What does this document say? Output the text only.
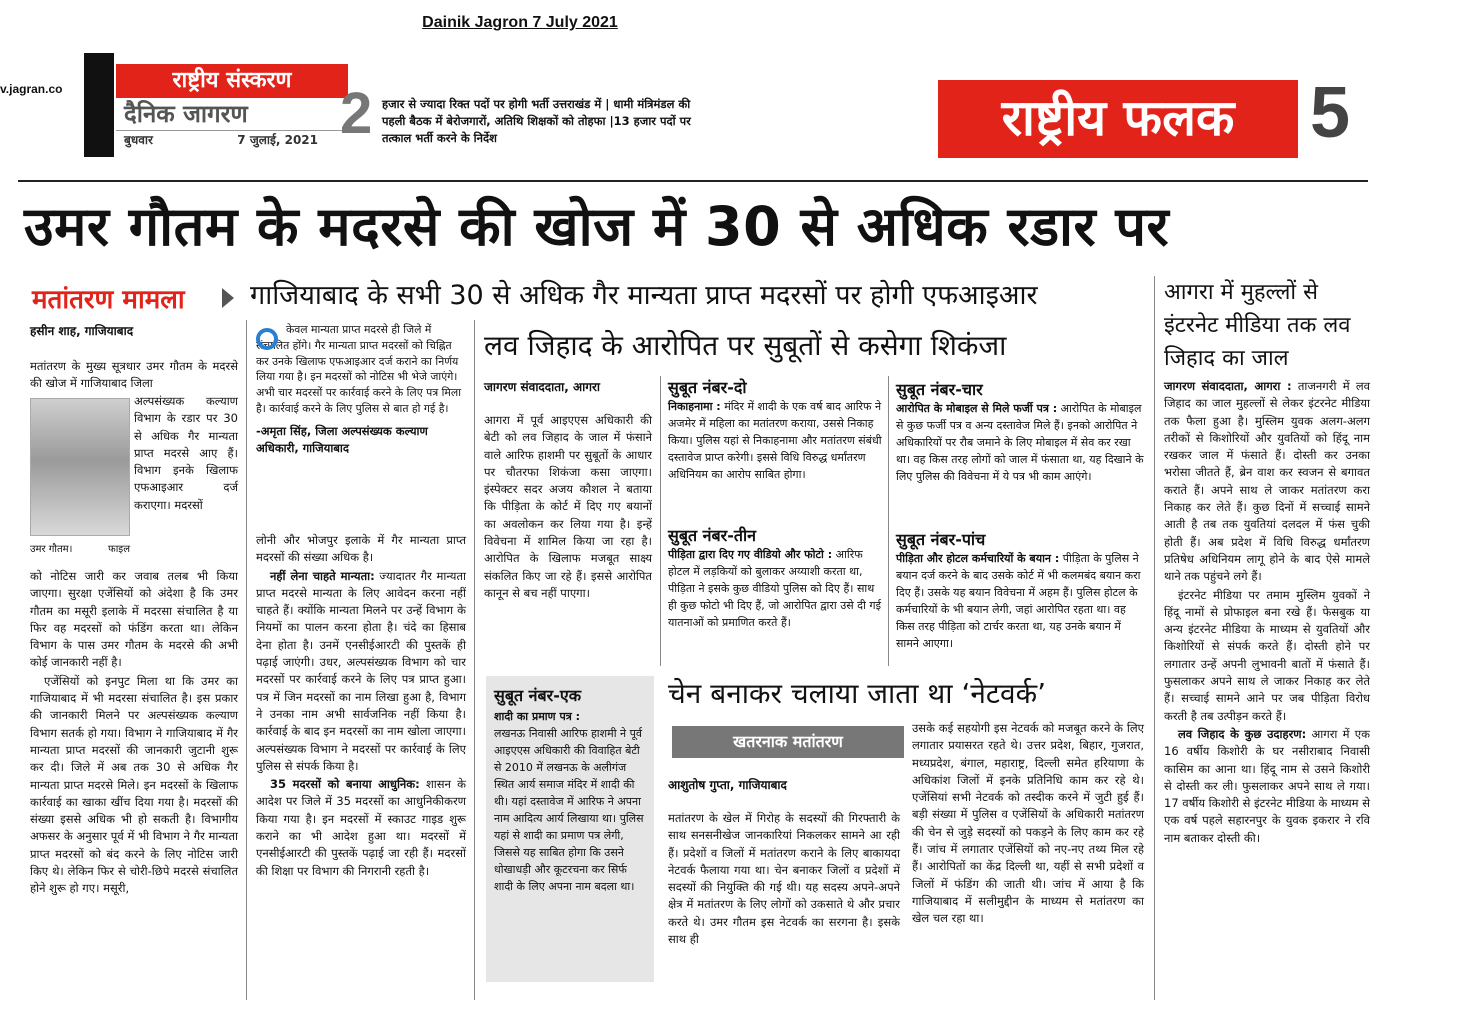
Dainik Jagron 7 July 2021
v.jagran.co	राष्ट्रीय संस्करण
दैनिक जागरण
बुधवार	7 जुलाई, 2021 2 हजार से ज्यादा रिक्त पदों पर होगी भर्ती उत्तराखंड में | धामी मंत्रिमंडल की पहली बैठक में बेरोजगारों, अतिथि शिक्षकों को तोहफा |13 हजार पदों पर तत्काल भर्ती करने के निर्देश	राष्ट्रीय फलक	5
उमर गौतम के मदरसे की खोज में 30 से अधिक रडार पर
मतांतरण मामला गाजियाबाद के सभी 30 से अधिक गैर मान्यता प्राप्त मदरसों पर होगी एफआइआर
हसीन शाह, गाजियाबाद
मतांतरण के मुख्य सूत्रधार उमर गौतम के मदरसे की खोज में गाजियाबाद जिला
अल्पसंख्यक कल्याण विभाग के रडार पर 30 से अधिक गैर मान्यता प्राप्त मदरसे आए हैं। विभाग इनके खिलाफ एफआइआर दर्ज कराएगा। मदरसों
उमर गौतम।	फाइल

को नोटिस जारी कर जवाब तलब भी किया जाएगा। सुरक्षा एजेंसियों को अंदेशा है कि उमर गौतम का मसूरी इलाके में मदरसा संचालित है या फिर वह मदरसों को फंडिंग करता था। लेकिन विभाग के पास उमर गौतम के मदरसे की अभी कोई जानकारी नहीं है।

एजेंसियों को इनपुट मिला था कि उमर का गाजियाबाद में भी मदरसा संचालित है। इस प्रकार की जानकारी मिलने पर अल्पसंख्यक कल्याण विभाग सतर्क हो गया। विभाग ने गाजियाबाद में गैर मान्यता प्राप्त मदरसों की जानकारी जुटानी शुरू कर दी। जिले में अब तक 30 से अधिक गैर मान्यता प्राप्त मदरसे मिले। इन मदरसों के खिलाफ कार्रवाई का खाका खींच दिया गया है। मदरसों की संख्या इससे अधिक भी हो सकती है। विभागीय अफसर के अनुसार पूर्व में भी विभाग ने गैर मान्यता प्राप्त मदरसों को बंद करने के लिए नोटिस जारी किए थे। लेकिन फिर से चोरी-छिपे मदरसे संचालित होने शुरू हो गए। मसूरी,

केवल मान्यता प्राप्त मदरसे ही जिले में संचालित होंगे। गैर मान्यता प्राप्त मदरसों को चिह्नित कर उनके खिलाफ एफआइआर दर्ज कराने का निर्णय लिया गया है। इन मदरसों को नोटिस भी भेजे जाएंगे। अभी चार मदरसों पर कार्रवाई करने के लिए पत्र मिला है। कार्रवाई करने के लिए पुलिस से बात हो गई है।
-अमृता सिंह, जिला अल्पसंख्यक कल्याण अधिकारी, गाजियाबाद

लोनी और भोजपुर इलाके में गैर मान्यता प्राप्त मदरसों की संख्या अधिक है।

नहीं लेना चाहते मान्यता: ज्यादातर गैर मान्यता प्राप्त मदरसे मान्यता के लिए आवेदन करना नहीं चाहते हैं। क्योंकि मान्यता मिलने पर उन्हें विभाग के नियमों का पालन करना होता है। चंदे का हिसाब देना होता है। उनमें एनसीईआरटी की पुस्तकें ही पढ़ाई जाएंगी। उधर, अल्पसंख्यक विभाग को चार मदरसों पर कार्रवाई करने के लिए पत्र प्राप्त हुआ। पत्र में जिन मदरसों का नाम लिखा हुआ है, विभाग ने उनका नाम अभी सार्वजनिक नहीं किया है। कार्रवाई के बाद इन मदरसों का नाम खोला जाएगा। अल्पसंख्यक विभाग ने मदरसों पर कार्रवाई के लिए पुलिस से संपर्क किया है।

35 मदरसों को बनाया आधुनिक: शासन के आदेश पर जिले में 35 मदरसों का आधुनिकीकरण किया गया है। इन मदरसों में स्काउट गाइड शुरू कराने का भी आदेश हुआ था। मदरसों में एनसीईआरटी की पुस्तकें पढ़ाई जा रही हैं। मदरसों की शिक्षा पर विभाग की निगरानी रहती है।

लव जिहाद के आरोपित पर सुबूतों से कसेगा शिकंजा
जागरण संवाददाता, आगरा
आगरा में पूर्व आइएएस अधिकारी की बेटी को लव जिहाद के जाल में फंसाने वाले आरिफ हाशमी पर सुबूतों के आधार पर चौतरफा शिकंजा कसा जाएगा। इंस्पेक्टर सदर अजय कौशल ने बताया कि पीड़िता के कोर्ट में दिए गए बयानों का अवलोकन कर लिया गया है। इन्हें विवेचना में शामिल किया जा रहा है। आरोपित के खिलाफ मजबूत साक्ष्य संकलित किए जा रहे हैं। इससे आरोपित कानून से बच नहीं पाएगा।
सुबूत नंबर-एक
शादी का प्रमाण पत्र :
लखनऊ निवासी आरिफ हाशमी ने पूर्व आइएएस अधिकारी की विवाहित बेटी से 2010 में लखनऊ के अलीगंज स्थित आर्य समाज मंदिर में शादी की थी। यहां दस्तावेज में आरिफ ने अपना नाम आदित्य आर्य लिखाया था। पुलिस यहां से शादी का प्रमाण पत्र लेगी, जिससे यह साबित होगा कि उसने धोखाधड़ी और कूटरचना कर सिर्फ शादी के लिए अपना नाम बदला था।
सुबूत नंबर-दो
निकाहनामा : मंदिर में शादी के एक वर्ष बाद आरिफ ने अजमेर में महिला का मतांतरण कराया, उससे निकाह किया। पुलिस यहां से निकाहनामा और मतांतरण संबंधी दस्तावेज प्राप्त करेगी। इससे विधि विरुद्ध धर्मांतरण अधिनियम का आरोप साबित होगा।
सुबूत नंबर-तीन
पीड़िता द्वारा दिए गए वीडियो और फोटो : आरिफ होटल में लड़कियों को बुलाकर अय्याशी करता था, पीड़िता ने इसके कुछ वीडियो पुलिस को दिए हैं। साथ ही कुछ फोटो भी दिए हैं, जो आरोपित द्वारा उसे दी गई यातनाओं को प्रमाणित करते हैं।
सुबूत नंबर-चार
आरोपित के मोबाइल से मिले फर्जी पत्र : आरोपित के मोबाइल से कुछ फर्जी पत्र व अन्य दस्तावेज मिले हैं। इनको आरोपित ने अधिकारियों पर रौब जमाने के लिए मोबाइल में सेव कर रखा था। वह किस तरह लोगों को जाल में फंसाता था, यह दिखाने के लिए पुलिस की विवेचना में ये पत्र भी काम आएंगे।
सुबूत नंबर-पांच
पीड़िता और होटल कर्मचारियों के बयान : पीड़िता के पुलिस ने बयान दर्ज करने के बाद उसके कोर्ट में भी कलमबंद बयान करा दिए हैं। उसके यह बयान विवेचना में अहम हैं। पुलिस होटल के कर्मचारियों के भी बयान लेगी, जहां आरोपित रहता था। वह किस तरह पीड़िता को टार्चर करता था, यह उनके बयान में सामने आएगा।
चेन बनाकर चलाया जाता था ‘नेटवर्क’
खतरनाक मतांतरण
आशुतोष गुप्ता, गाजियाबाद
मतांतरण के खेल में गिरोह के सदस्यों की गिरफ्तारी के साथ सनसनीखेज जानकारियां निकलकर सामने आ रही हैं। प्रदेशों व जिलों में मतांतरण कराने के लिए बाकायदा नेटवर्क फैलाया गया था। चेन बनाकर जिलों व प्रदेशों में सदस्यों की नियुक्ति की गई थी। यह सदस्य अपने-अपने क्षेत्र में मतांतरण के लिए लोगों को उकसाते थे और प्रचार करते थे। उमर गौतम इस नेटवर्क का सरगना है। इसके साथ ही
उसके कई सहयोगी इस नेटवर्क को मजबूत करने के लिए लगातार प्रयासरत रहते थे। उत्तर प्रदेश, बिहार, गुजरात, मध्यप्रदेश, बंगाल, महाराष्ट्र, दिल्ली समेत हरियाणा के अधिकांश जिलों में इनके प्रतिनिधि काम कर रहे थे। एजेंसियां सभी नेटवर्क को तस्दीक करने में जुटी हुई हैं। बड़ी संख्या में पुलिस व एजेंसियों के अधिकारी मतांतरण की चेन से जुड़े सदस्यों को पकड़ने के लिए काम कर रहे हैं। जांच में लगातार एजेंसियों को नए-नए तथ्य मिल रहे हैं। आरोपितों का केंद्र दिल्ली था, यहीं से सभी प्रदेशों व जिलों में फंडिंग की जाती थी। जांच में आया है कि गाजियाबाद में सलीमुद्दीन के माध्यम से मतांतरण का खेल चल रहा था।
आगरा में मुहल्लों से इंटरनेट मीडिया तक लव जिहाद का जाल

जागरण संवाददाता, आगरा : ताजनगरी में लव जिहाद का जाल मुहल्लों से लेकर इंटरनेट मीडिया तक फैला हुआ है। मुस्लिम युवक अलग-अलग तरीकों से किशोरियों और युवतियों को हिंदू नाम रखकर जाल में फंसाते हैं। दोस्ती कर उनका भरोसा जीतते हैं, ब्रेन वाश कर स्वजन से बगावत कराते हैं। अपने साथ ले जाकर मतांतरण करा निकाह कर लेते हैं। कुछ दिनों में सच्चाई सामने आती है तब तक युवतियां दलदल में फंस चुकी होती हैं। अब प्रदेश में विधि विरुद्ध धर्मांतरण प्रतिषेध अधिनियम लागू होने के बाद ऐसे मामले थाने तक पहुंचने लगे हैं।

इंटरनेट मीडिया पर तमाम मुस्लिम युवकों ने हिंदू नामों से प्रोफाइल बना रखे हैं। फेसबुक या अन्य इंटरनेट मीडिया के माध्यम से युवतियों और किशोरियों से संपर्क करते हैं। दोस्ती होने पर लगातार उन्हें अपनी लुभावनी बातों में फंसाते हैं। फुसलाकर अपने साथ ले जाकर निकाह कर लेते हैं। सच्चाई सामने आने पर जब पीड़िता विरोध करती है तब उत्पीड़न करते हैं।

लव जिहाद के कुछ उदाहरण: आगरा में एक 16 वर्षीय किशोरी के घर नसीराबाद निवासी कासिम का आना था। हिंदू नाम से उसने किशोरी से दोस्ती कर ली। फुसलाकर अपने साथ ले गया। 17 वर्षीय किशोरी से इंटरनेट मीडिया के माध्यम से एक वर्ष पहले सहारनपुर के युवक इकरार ने रवि नाम बताकर दोस्ती की।
